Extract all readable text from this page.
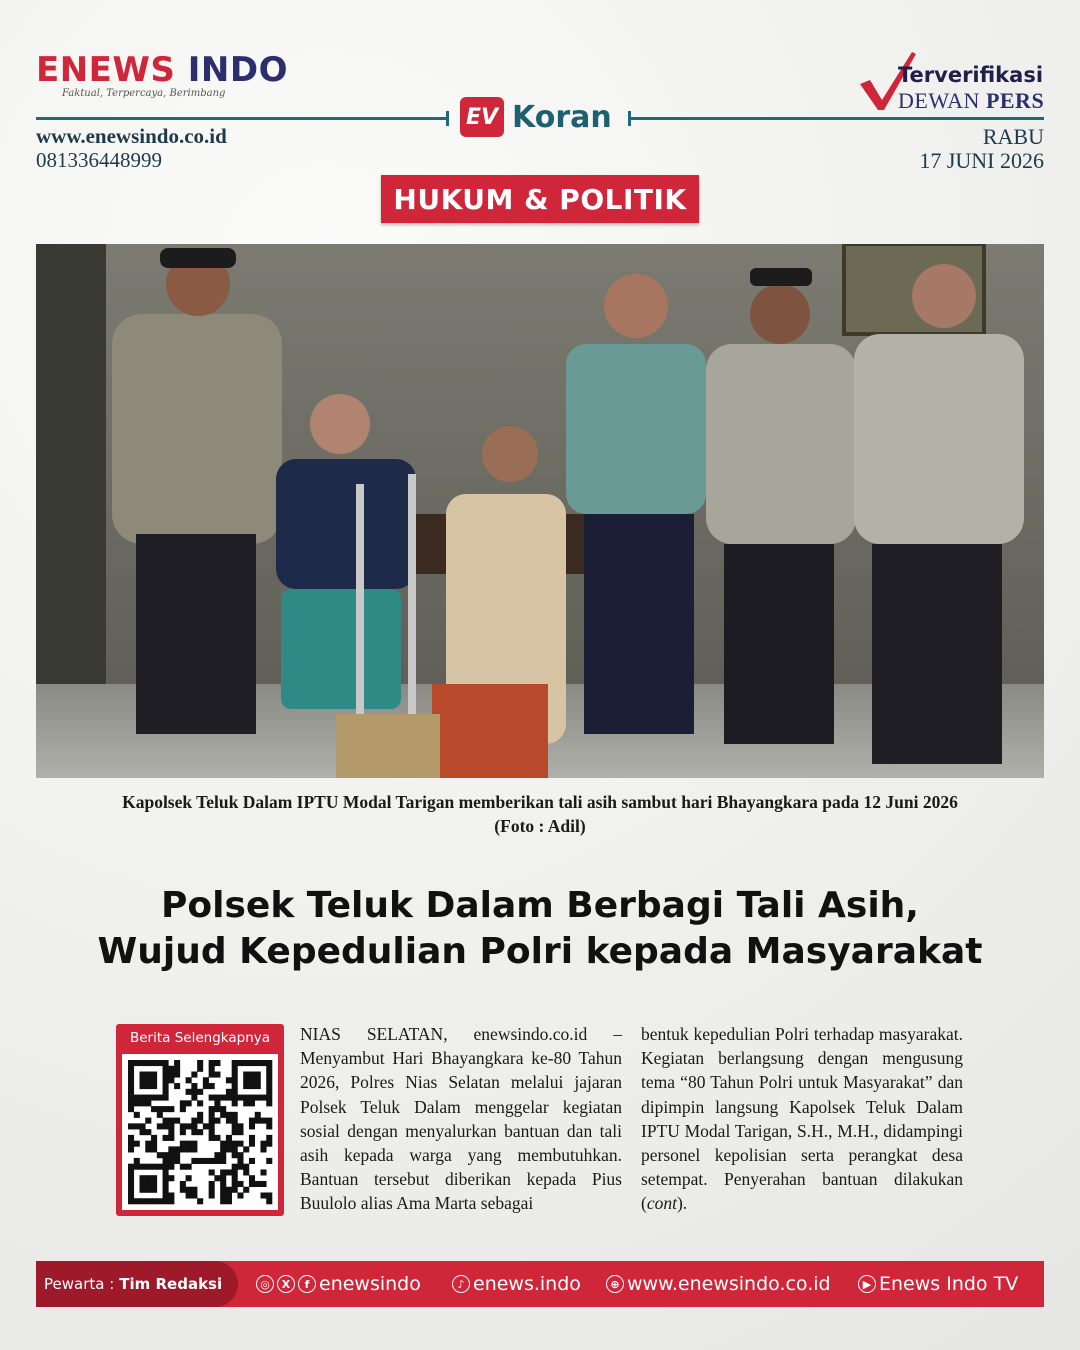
ENEWS INDO
Faktual, Terpercaya, Berimbang
EV Koran
www.enewsindo.co.id
081336448999
Terverifikasi
DEWAN PERS
RABU
17 JUNI 2026
HUKUM & POLITIK
Kapolsek Teluk Dalam IPTU Modal Tarigan memberikan tali asih sambut hari Bhayangkara pada 12 Juni 2026
(Foto : Adil)
Polsek Teluk Dalam Berbagi Tali Asih,
Wujud Kepedulian Polri kepada Masyarakat
Berita Selengkapnya	NIAS SELATAN, enewsindo.co.id – Menyambut Hari Bhayangkara ke-80 Tahun 2026, Polres Nias Selatan melalui jajaran Polsek Teluk Dalam menggelar kegiatan sosial dengan menyalurkan bantuan dan tali asih kepada warga yang membutuhkan. Bantuan tersebut diberikan kepada Pius Buulolo alias Ama Marta sebagai
bentuk kepedulian Polri terhadap masyarakat. Kegiatan berlangsung dengan mengusung tema “80 Tahun Polri untuk Masyarakat” dan dipimpin langsung Kapolsek Teluk Dalam IPTU Modal Tarigan, S.H., M.H., didampingi personel kepolisian serta perangkat desa setempat. Penyerahan bantuan dilakukan (cont).
Pewarta : Tim Redaksi	◎	X	f enewsindo	♪ enews.indo	⊕ www.enewsindo.co.id	▶ Enews Indo TV
